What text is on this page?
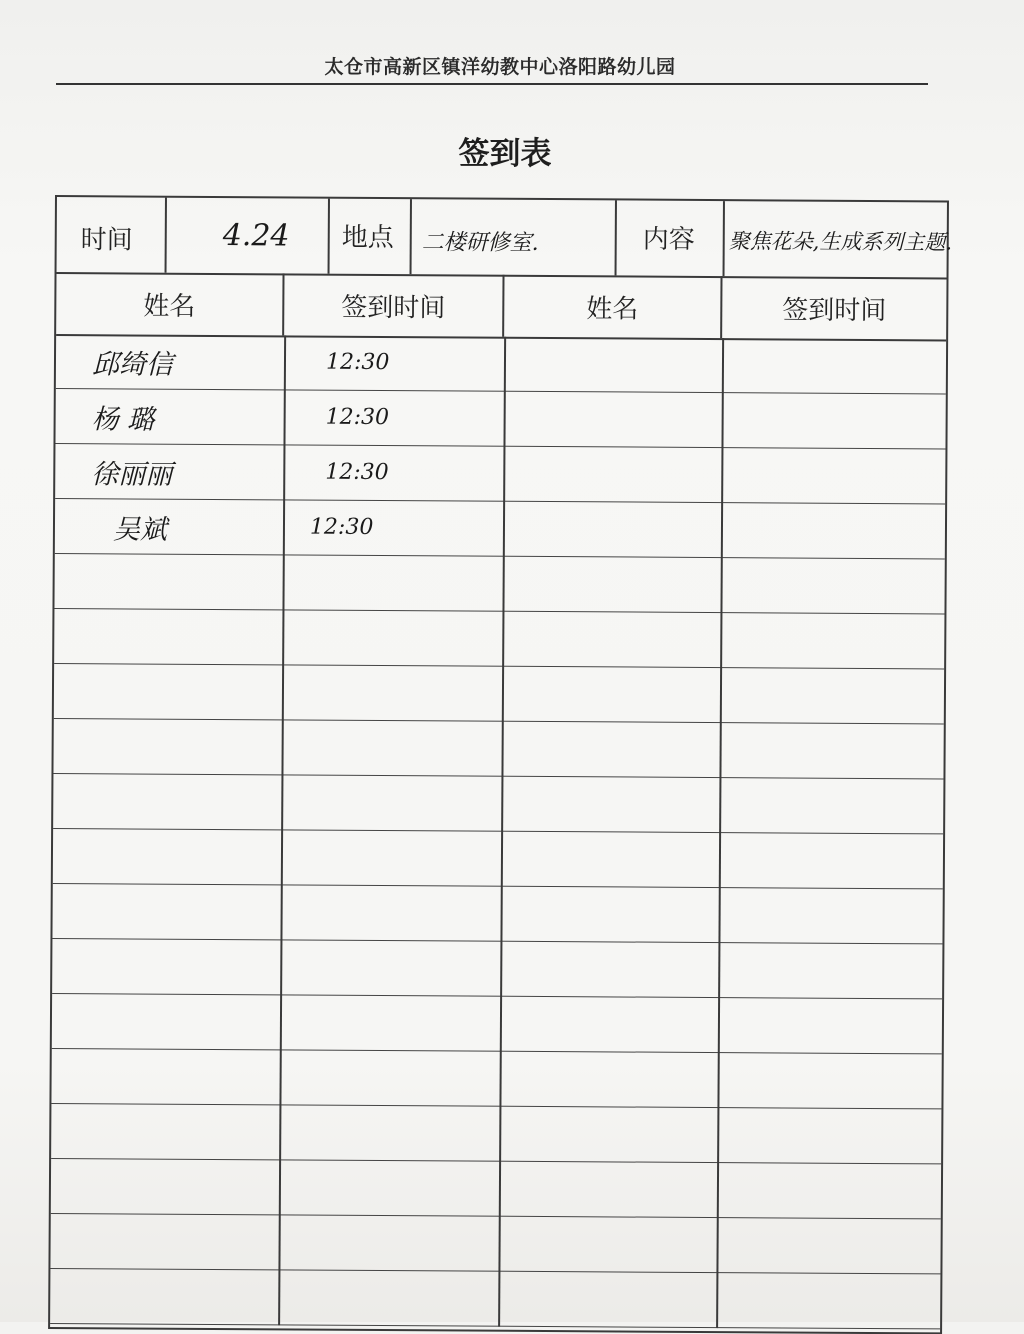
太仓市高新区镇洋幼教中心洛阳路幼儿园
签到表
时间	4.24 地点 二楼研修室.	内容 聚焦花朵,生成系列主题.
姓名	签到时间	姓名	签到时间
邱绮信	12:30
杨 璐	12:30
徐丽丽	12:30
吴斌	12:30
